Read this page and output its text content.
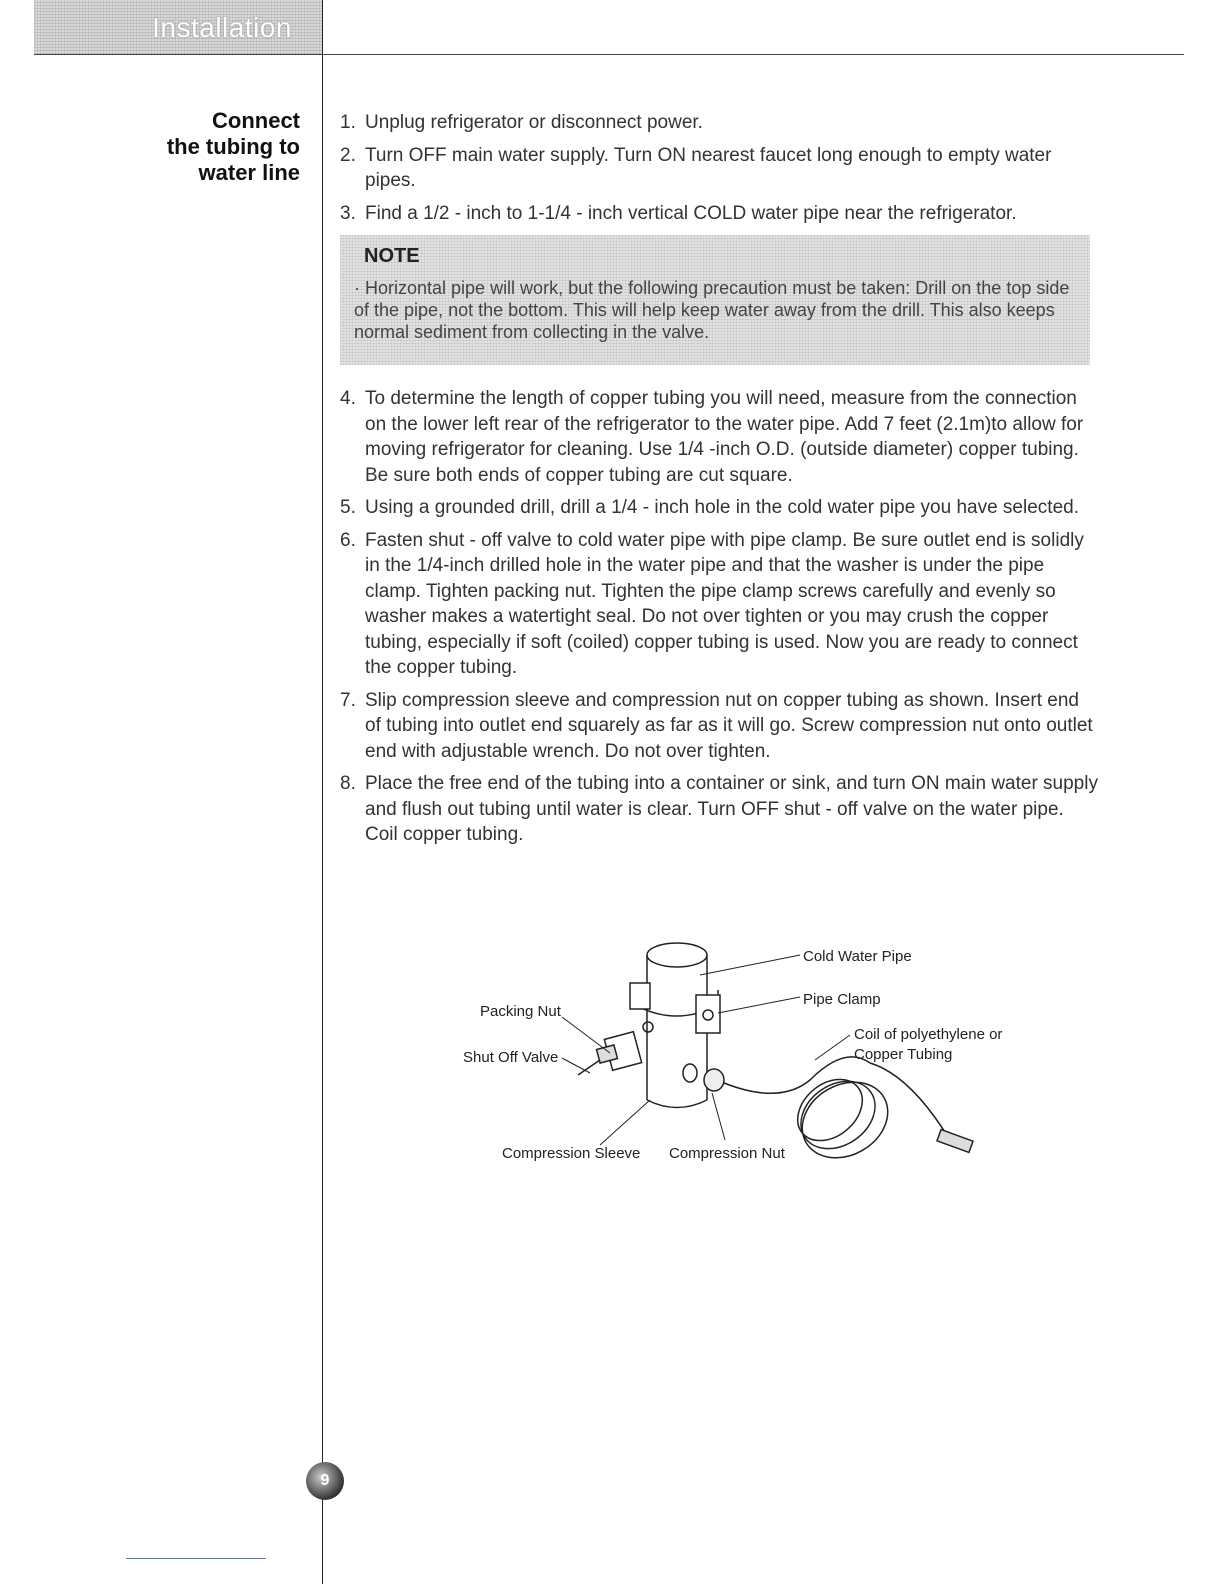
Installation
Connect
the tubing to
water line
1. Unplug refrigerator or disconnect power.
2. Turn OFF main water supply. Turn ON nearest faucet long enough to empty water pipes.
3. Find a 1/2 - inch to 1-1/4 - inch vertical COLD water pipe near the refrigerator.
NOTE
· Horizontal pipe will work, but the following precaution must be taken: Drill on the top side of the pipe, not the bottom. This will help keep water away from the drill. This also keeps normal sediment from collecting in the valve.
4. To determine the length of copper tubing you will need, measure from the connection on the lower left rear of the refrigerator to the water pipe. Add 7 feet (2.1m)to allow for moving refrigerator for cleaning. Use 1/4 -inch O.D. (outside diameter) copper tubing. Be sure both ends of copper tubing are cut square.
5. Using a grounded drill, drill a 1/4 - inch hole in the cold water pipe you have selected.
6. Fasten shut - off valve to cold water pipe with pipe clamp. Be sure outlet end is solidly in the 1/4-inch drilled hole in the water pipe and that the washer is under the pipe clamp. Tighten packing nut. Tighten the pipe clamp screws carefully and evenly so washer makes a watertight seal. Do not over tighten or you may crush the copper tubing, especially if soft (coiled) copper tubing is used. Now you are ready to connect the copper tubing.
7. Slip compression sleeve and compression nut on copper tubing as shown. Insert end of tubing into outlet end squarely as far as it will go. Screw compression nut onto outlet end with adjustable wrench. Do not over tighten.
8. Place the free end of the tubing into a container or sink, and turn ON main water supply and flush out tubing until water is clear. Turn OFF shut - off valve on the water pipe. Coil copper tubing.
Cold Water Pipe
Pipe Clamp
Coil of polyethylene or
Copper Tubing
Packing Nut
Shut Off Valve
Compression Sleeve Compression Nut
9
